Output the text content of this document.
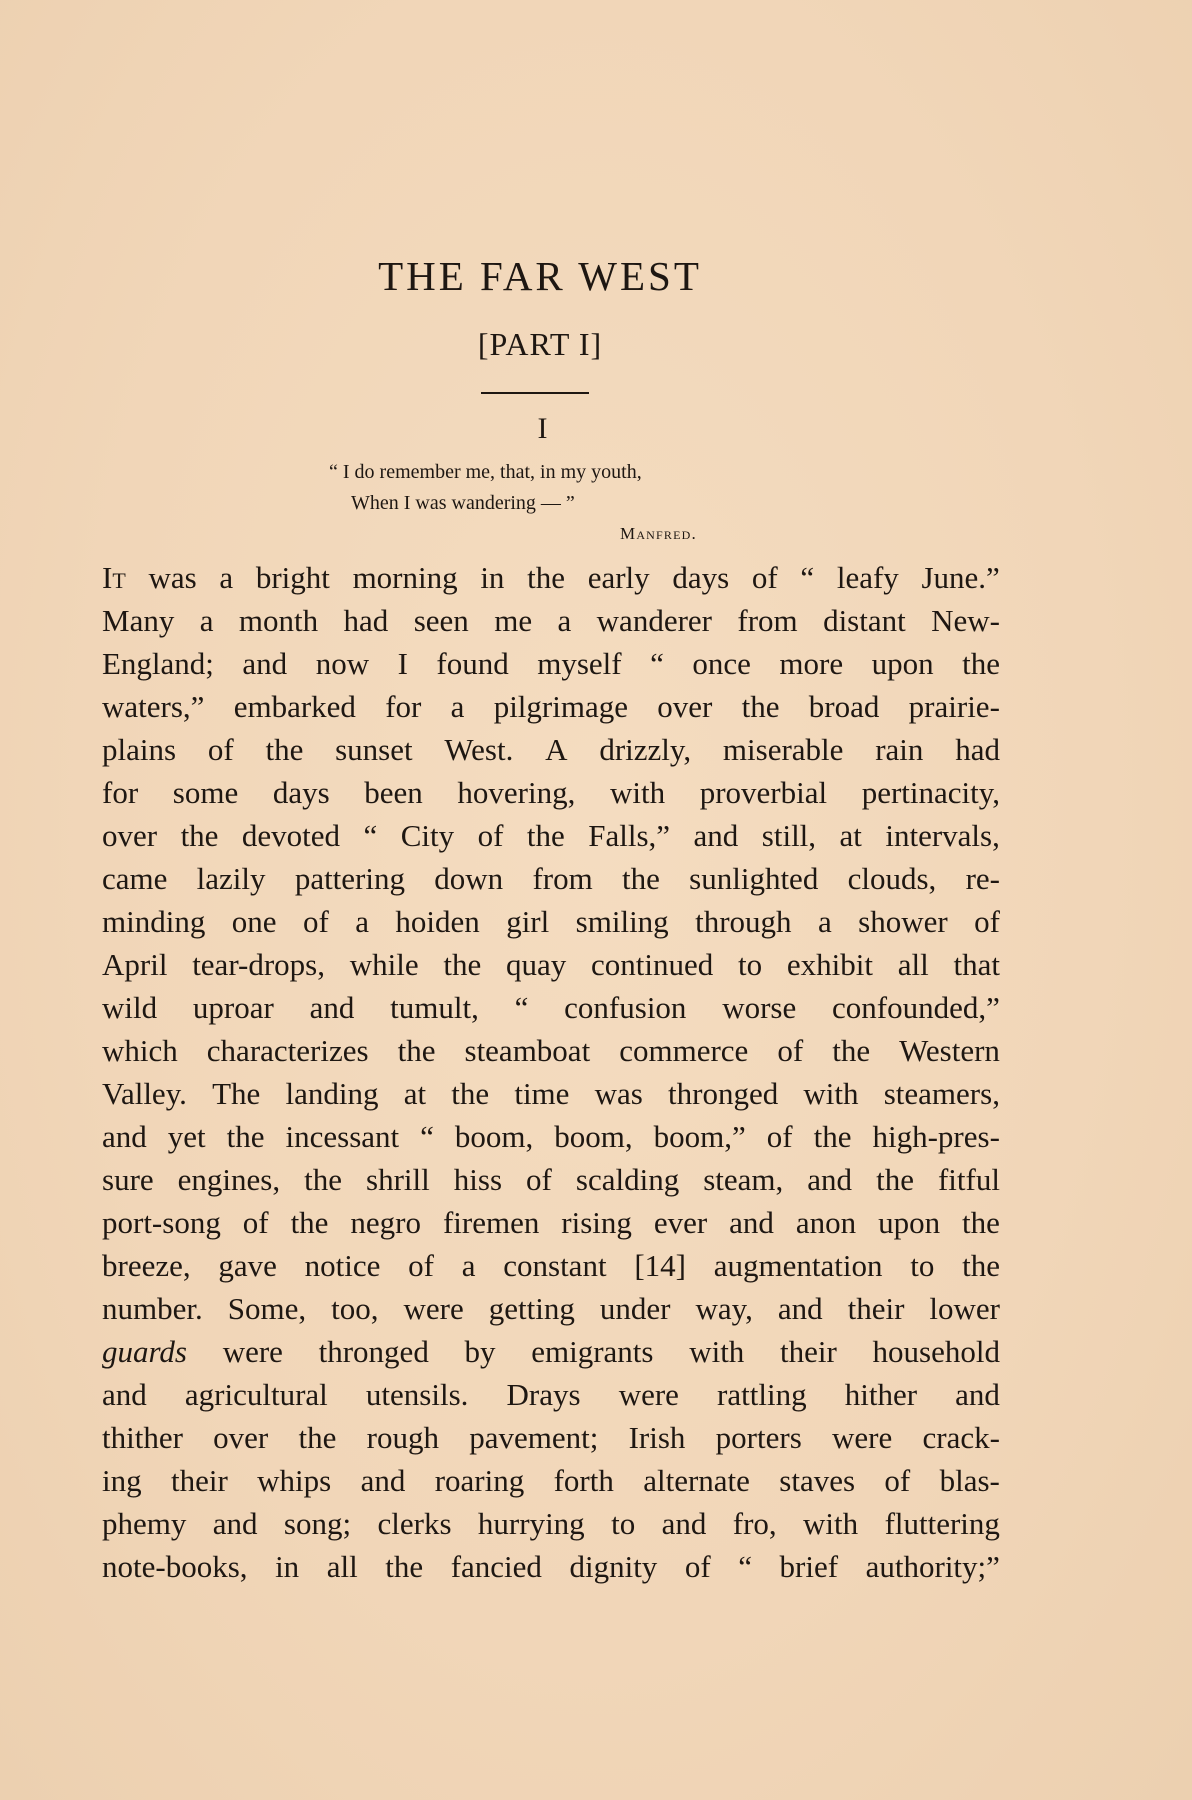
THE FAR WEST
[PART I]
I
“ I do remember me, that, in my youth,
When I was wandering — ”
Manfred.
It was a bright morning in the early days of “ leafy June.”
Many a month had seen me a wanderer from distant New-
England; and now I found myself “ once more upon the
waters,” embarked for a pilgrimage over the broad prairie-
plains of the sunset West. A drizzly, miserable rain had
for some days been hovering, with proverbial pertinacity,
over the devoted “ City of the Falls,” and still, at intervals,
came lazily pattering down from the sunlighted clouds, re-
minding one of a hoiden girl smiling through a shower of
April tear-drops, while the quay continued to exhibit all that
wild uproar and tumult, “ confusion worse confounded,”
which characterizes the steamboat commerce of the Western
Valley. The landing at the time was thronged with steamers,
and yet the incessant “ boom, boom, boom,” of the high-pres-
sure engines, the shrill hiss of scalding steam, and the fitful
port-song of the negro firemen rising ever and anon upon the
breeze, gave notice of a constant [14] augmentation to the
number. Some, too, were getting under way, and their lower
guards were thronged by emigrants with their household
and agricultural utensils. Drays were rattling hither and
thither over the rough pavement; Irish porters were crack-
ing their whips and roaring forth alternate staves of blas-
phemy and song; clerks hurrying to and fro, with fluttering
note-books, in all the fancied dignity of “ brief authority;”
